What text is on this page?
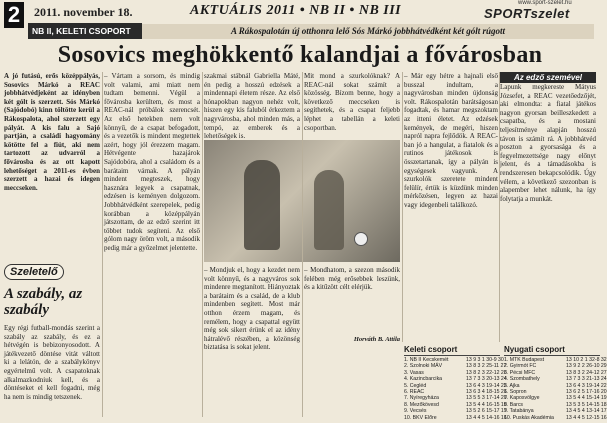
2	2011. november 18.	AKTUÁLIS 2011 • NB II • NB III	www.sport-szelet.hu
SPORTszelet
NB II, KELETI CSOPORT	A Rákospalotán új otthonra lelő Sós Márkó jobbhátvédként két gólt rúgott
Sosovics meghökkentő kalandjai a fővárosban
A jó futású, erős középpályás, Sosovics Márkó a REAC jobbhátvédjeként az idényben két gólt is szerzett. Sós Márkó (Sajódobó) kinn töltötte kerül a Rákospalota, ahol szerzett egy pályát. A kis falu a Sajó partján, a családi hagyomány kötötte fel a fiút, aki nem tartozott az udvarról a fővárosba és az ott kapott lehetőséget a 2011-es évben szerzett a hazai és idegen meccseken.
– Vártam a sorsom, és mindig volt valami, ami miatt nem tudtam bemenni. Végül a fővárosba kerültem, és most a REAC-nál próbálok szerencsét. Az első hetekben nem volt könnyű, de a csapat befogadott, és a vezetők is mindent megtettek azért, hogy jól érezzem magam. Hétvégente hazajárok Sajódobóra, ahol a családom és a barátaim várnak. A pályán mindent megteszek, hogy hasznára legyek a csapatnak, edzésen is keményen dolgozom. Jobbhátvédként szerepelek, pedig korábban a középpályán játszottam, de az edző szerint itt többet tudok segíteni. Az első gólom nagy öröm volt, a második pedig már a győzelmet jelentette.
szakmai stábnál Gabriella Máté, én pedig a hosszú edzések a mindennapi életem része. Az első hónapokban nagyon nehéz volt, hiszen egy kis faluból érkeztem a nagyvárosba, ahol minden más, a tempó, az emberek és a lehetőségek is.
Mit mond a szurkolóknak? A REAC-nál sokat számít a közösség. Bízom benne, hogy a következő meccseken is segíthetek, és a csapat feljebb léphet a tabellán a keleti csoportban.
– Mondjuk el, hogy a kezdet nem volt könnyű, és a nagyváros sok mindenre megtanított. Hiányoztak a barátaim és a család, de a klub mindenben segített. Most már otthon érzem magam, és remélem, hogy a csapattal együtt még sok sikert érünk el az idény hátralévő részében, a közönség biztatása is sokat jelent.
– Mondhatom, a szezon második felében még erősebbek leszünk, és a kitűzött célt elérjük.
Horváth B. Attila
– Már egy hétre a hajnali első busszal indultam, a nagyvárosban minden újdonság volt. Rákospalotán barátságosan fogadtak, és hamar megszoktam az itteni életet. Az edzések kemények, de megéri, hiszen napról napra fejlődök. A REAC-ban jó a hangulat, a fiatalok és a rutinos játékosok is összetartanak, így a pályán is egységesek vagyunk. A szurkolók szeretete mindent felülír, értük is küzdünk minden mérkőzésen, legyen az hazai vagy idegenbeli találkozó.
Az edző szemével
Lapunk megkereste Mátyus Józsefet, a REAC vezetőedzőjét, aki elmondta: a fiatal játékos nagyon gyorsan beilleszkedett a csapatba, és a mostani teljesítménye alapján hosszú távon is számít rá. A jobbhátvéd poszton a gyorsasága és a fegyelmezettsége nagy előnyt jelent, és a támadásokba is rendszeresen bekapcsolódik. Úgy vélem, a következő szezonban is alapember lehet nálunk, ha így folytatja a munkát.
Szeletelő
A szabály, az szabály
Egy régi futball-mondás szerint a szabály az szabály, és ez a hétvégén is bebizonyosodott. A játékvezető döntése vitát váltott ki a lelátón, de a szabálykönyv egyértelmű volt. A csapatoknak alkalmazkodniuk kell, és a döntéseket el kell fogadni, még ha nem is mindig tetszenek.
Keleti csoport
1. NB II Kecskemét	13 9 3 1 30-9 30
2. Szolnoki MÁV	13 8 3 2 25-11 27
3. Vasas	13 8 2 3 22-12 26
4. Kazincbarcika	13 7 3 3 20-13 24
5. Cegléd	13 6 4 3 19-14 22
6. REAC	13 6 3 4 18-15 21
7. Nyíregyháza	13 5 5 3 17-14 20
8. Mezőkövesd	13 5 4 4 16-15 19
9. Vecsés	13 5 2 6 15-17 17
10. BKV Előre	13 4 4 5 14-16 16
Nyugati csoport
1. MTK Budapest	13 10 2 1 32-8 32
2. Gyirmót FC	13 9 2 2 26-10 29
3. Pécsi MFC	13 8 3 2 24-12 27
4. Szombathely	13 7 3 3 21-13 24
5. Ajka	13 6 4 3 19-14 22
6. Sopron	13 6 2 5 17-16 20
7. Kaposvölgye	13 5 4 4 15-14 19
8. Barcs	13 5 3 5 14-15 18
9. Tatabánya	13 4 5 4 13-14 17
10. Puskás Akadémia	13 4 4 5 12-15 16
